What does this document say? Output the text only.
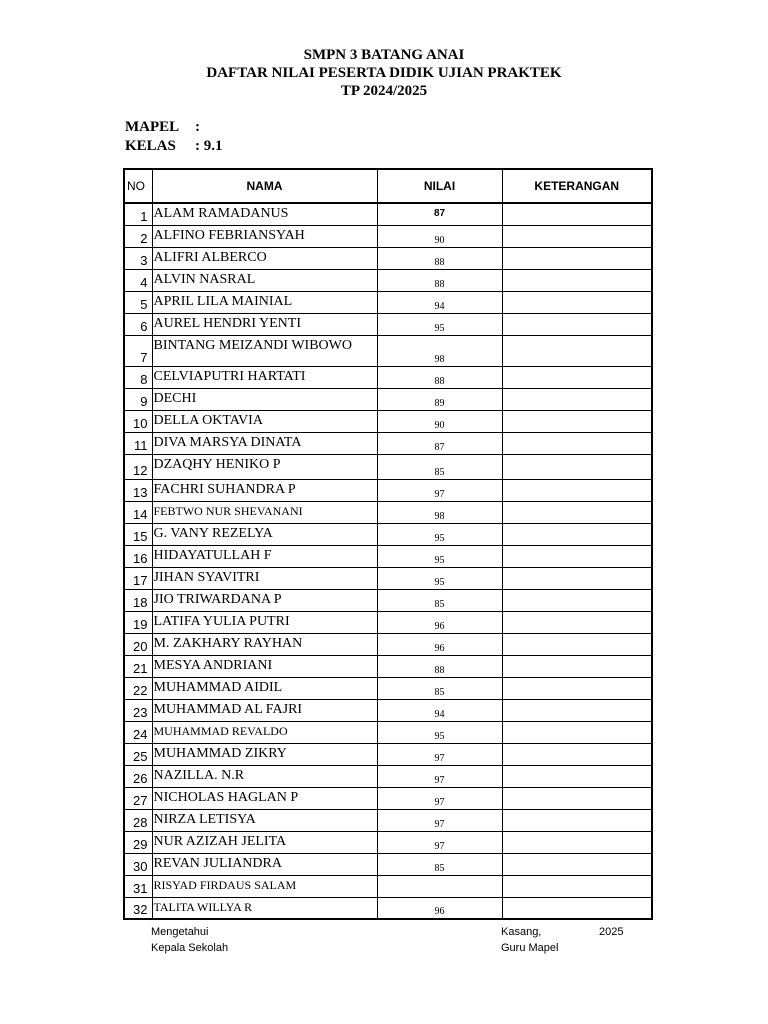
SMPN 3 BATANG ANAI
DAFTAR NILAI PESERTA DIDIK UJIAN PRAKTEK
TP 2024/2025
MAPEL :
KELAS : 9.1
NO	NAMA	NILAI	KETERANGAN
1	ALAM RAMADANUS	87	
2	ALFINO FEBRIANSYAH	90	
3	ALIFRI ALBERCO	88	
4	ALVIN NASRAL	88	
5	APRIL LILA MAINIAL	94	
6	AUREL HENDRI YENTI	95	
7	BINTANG MEIZANDI WIBOWO	98	
8	CELVIAPUTRI HARTATI	88	
9	DECHI	89	
10	DELLA OKTAVIA	90	
11	DIVA MARSYA DINATA	87	
12	DZAQHY HENIKO P	85	
13	FACHRI SUHANDRA P	97	
14	FEBTWO NUR SHEVANANI	98	
15	G. VANY REZELYA	95	
16	HIDAYATULLAH F	95	
17	JIHAN SYAVITRI	95	
18	JIO TRIWARDANA P	85	
19	LATIFA YULIA PUTRI	96	
20	M. ZAKHARY RAYHAN	96	
21	MESYA ANDRIANI	88	
22	MUHAMMAD AIDIL	85	
23	MUHAMMAD AL FAJRI	94	
24	MUHAMMAD REVALDO	95	
25	MUHAMMAD ZIKRY	97	
26	NAZILLA. N.R	97	
27	NICHOLAS HAGLAN P	97	
28	NIRZA LETISYA	97	
29	NUR AZIZAH JELITA	97	
30	REVAN JULIANDRA	85	
31	RISYAD FIRDAUS SALAM		
32	TALITA WILLYA R	96	
Mengetahui
Kepala Sekolah
Kasang,	2025
Guru Mapel
